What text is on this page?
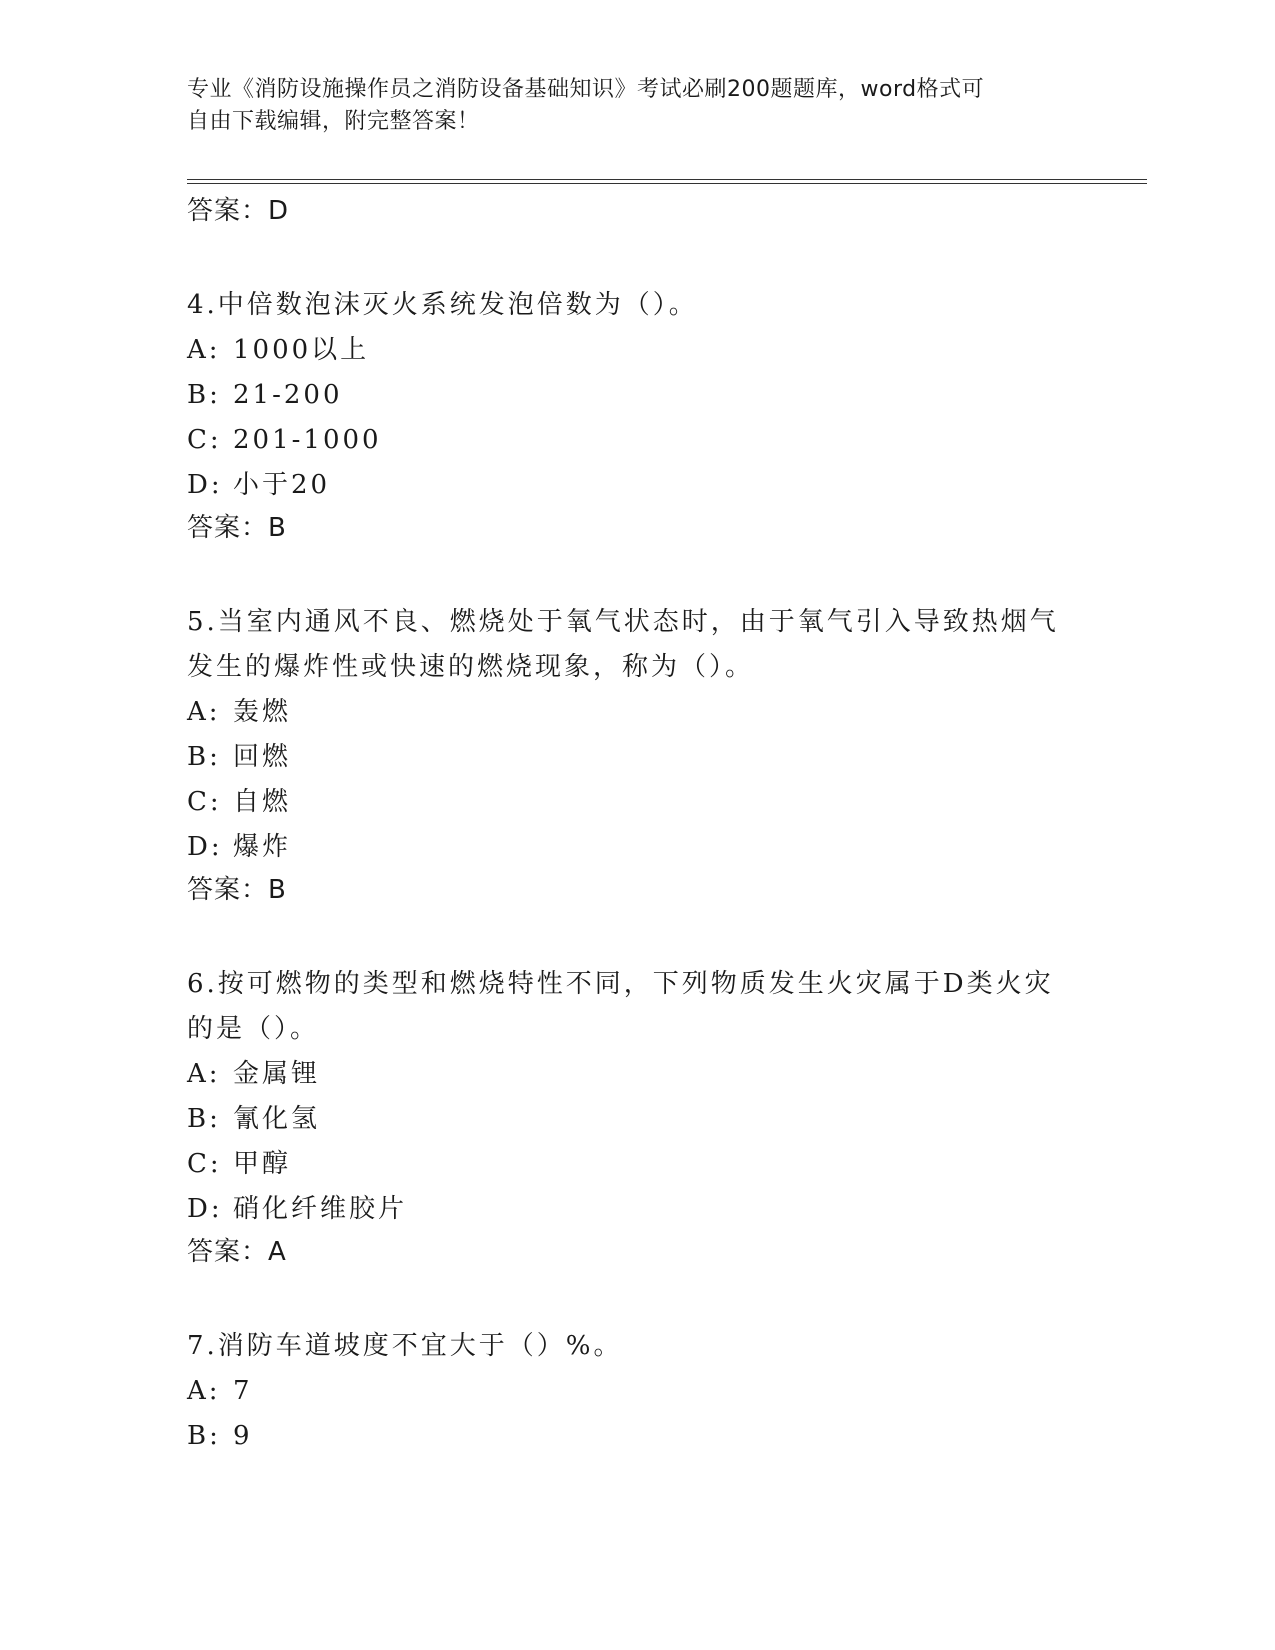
专业《消防设施操作员之消防设备基础知识》考试必刷200题题库，word格式可
自由下载编辑，附完整答案！
答案：D
4.中倍数泡沫灭火系统发泡倍数为（）。
A: 1000以上
B: 21-200
C: 201-1000
D: 小于20
答案：B
5.当室内通风不良、燃烧处于氧气状态时，由于氧气引入导致热烟气
发生的爆炸性或快速的燃烧现象，称为（）。
A: 轰燃
B: 回燃
C: 自燃
D: 爆炸
答案：B
6.按可燃物的类型和燃烧特性不同，下列物质发生火灾属于D类火灾
的是（）。
A: 金属锂
B: 氰化氢
C: 甲醇
D: 硝化纤维胶片
答案：A
7.消防车道坡度不宜大于（）%。
A: 7
B: 9
